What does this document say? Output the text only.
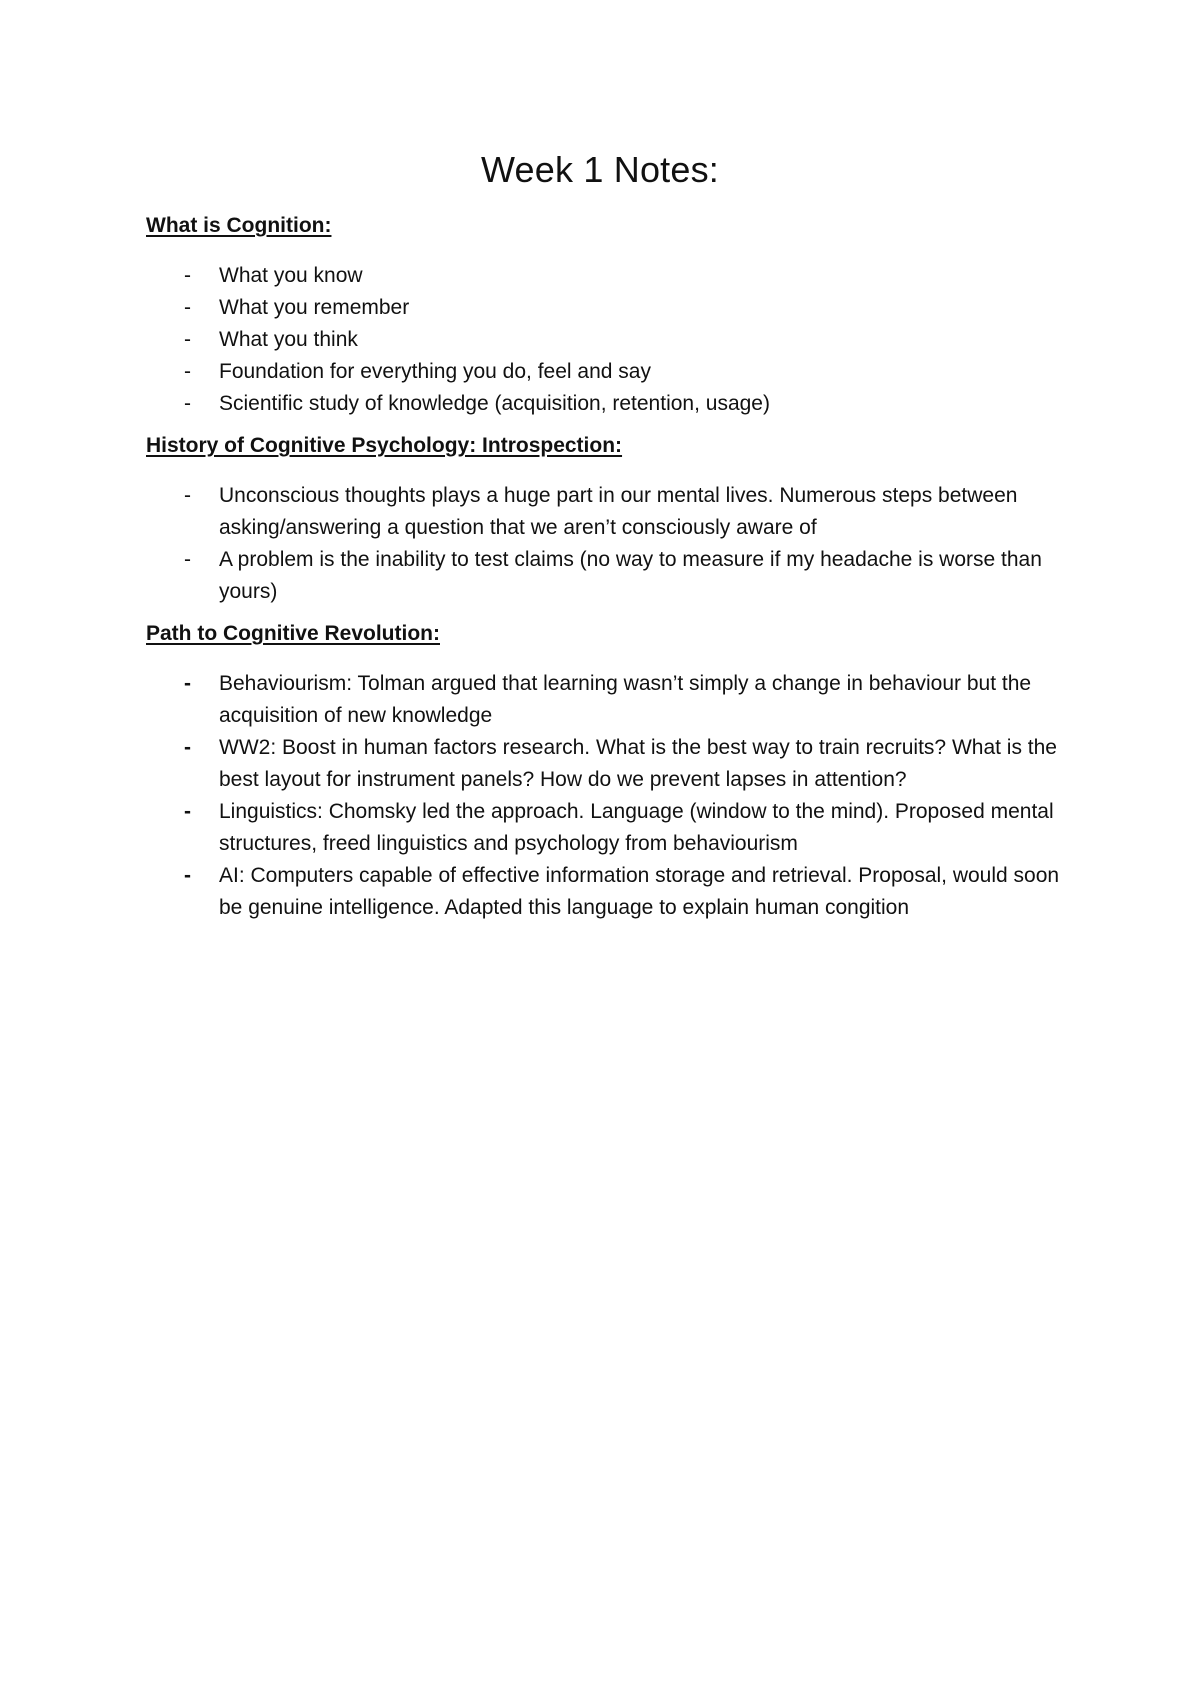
Week 1 Notes:
What is Cognition:
-	What you know
-	What you remember
-	What you think
-	Foundation for everything you do, feel and say
-	Scientific study of knowledge (acquisition, retention, usage)
History of Cognitive Psychology: Introspection:
-	Unconscious thoughts plays a huge part in our mental lives. Numerous steps between asking/answering a question that we aren’t consciously aware of
-	A problem is the inability to test claims (no way to measure if my headache is worse than yours)
Path to Cognitive Revolution:
-	Behaviourism: Tolman argued that learning wasn’t simply a change in behaviour but the acquisition of new knowledge
-	WW2: Boost in human factors research. What is the best way to train recruits? What is the best layout for instrument panels? How do we prevent lapses in attention?
-	Linguistics: Chomsky led the approach. Language (window to the mind). Proposed mental structures, freed linguistics and psychology from behaviourism
-	AI: Computers capable of effective information storage and retrieval. Proposal, would soon be genuine intelligence. Adapted this language to explain human congition
